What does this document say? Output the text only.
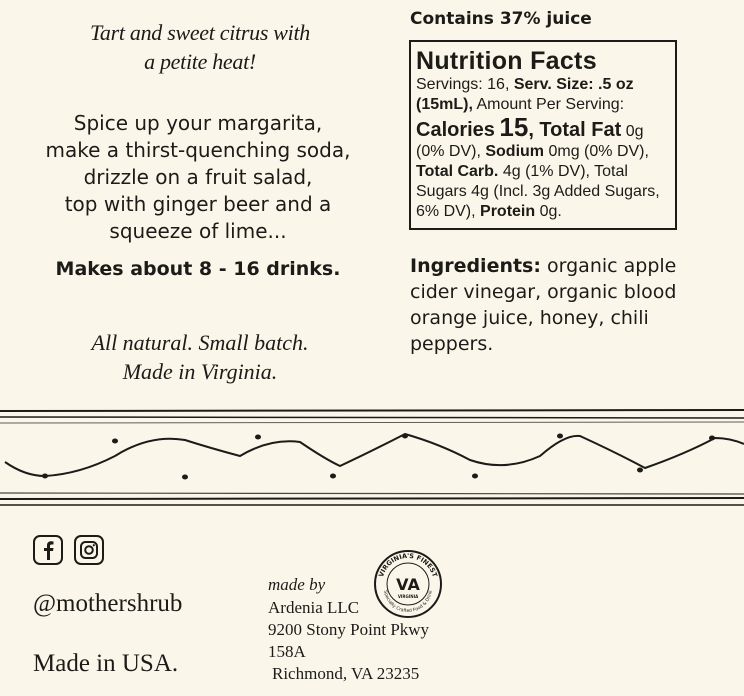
Tart and sweet citrus with
a petite heat!
Spice up your margarita,
make a thirst-quenching soda,
drizzle on a fruit salad,
top with ginger beer and a
squeeze of lime...
Makes about 8 - 16 drinks.
All natural. Small batch.
Made in Virginia.
Contains 37% juice
Nutrition Facts
Servings: 16, Serv. Size: .5 oz (15mL), Amount Per Serving:
Calories 15, Total Fat 0g (0% DV), Sodium 0mg (0% DV), Total Carb. 4g (1% DV), Total Sugars 4g (Incl. 3g Added Sugars, 6% DV), Protein 0g.
Ingredients: organic apple cider vinegar, organic blood orange juice, honey, chili peppers.
@mothershrub
Made in USA.
made by
Ardenia LLC
9200 Stony Point Pkwy
158A
Richmond, VA 23235
VIRGINIA'S FINEST
Specialty Crafted Food & Drink
VA
VIRGINIA
